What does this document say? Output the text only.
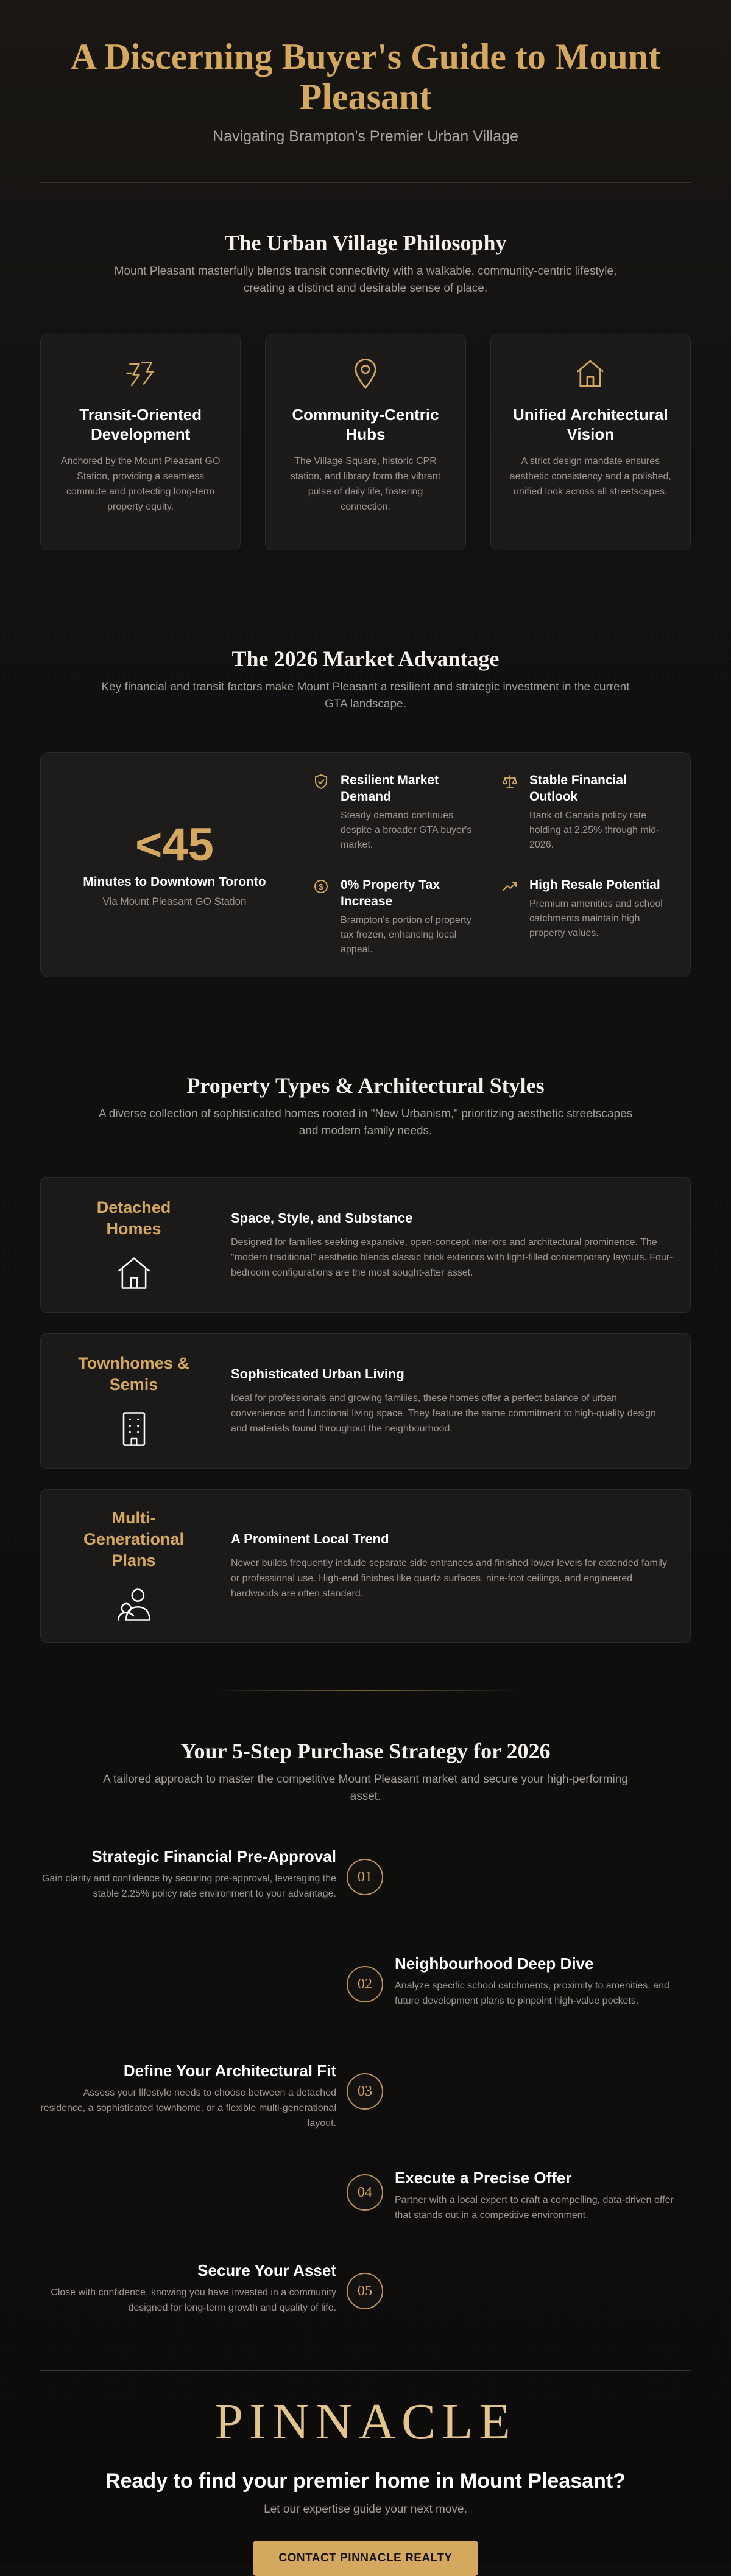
A Discerning Buyer's Guide to Mount Pleasant
Navigating Brampton's Premier Urban Village
The Urban Village Philosophy

Mount Pleasant masterfully blends transit connectivity with a walkable, community-centric lifestyle, creating a distinct and desirable sense of place.

Transit-Oriented Development

Anchored by the Mount Pleasant GO Station, providing a seamless commute and protecting long-term property equity.

Community-Centric Hubs

The Village Square, historic CPR station, and library form the vibrant pulse of daily life, fostering connection.

Unified Architectural Vision

A strict design mandate ensures aesthetic consistency and a polished, unified look across all streetscapes.

The 2026 Market Advantage

Key financial and transit factors make Mount Pleasant a resilient and strategic investment in the current GTA landscape.

<45
Minutes to Downtown Toronto
Via Mount Pleasant GO Station
Resilient Market Demand

Steady demand continues despite a broader GTA buyer's market.

Stable Financial Outlook

Bank of Canada policy rate holding at 2.25% through mid-2026.

$ 0% Property Tax Increase

Brampton's portion of property tax frozen, enhancing local appeal.

High Resale Potential

Premium amenities and school catchments maintain high property values.

Property Types & Architectural Styles

A diverse collection of sophisticated homes rooted in "New Urbanism," prioritizing aesthetic streetscapes and modern family needs.

Detached Homes
Space, Style, and Substance

Designed for families seeking expansive, open-concept interiors and architectural prominence. The "modern traditional" aesthetic blends classic brick exteriors with light-filled contemporary layouts. Four-bedroom configurations are the most sought-after asset.

Townhomes & Semis
Sophisticated Urban Living

Ideal for professionals and growing families, these homes offer a perfect balance of urban convenience and functional living space. They feature the same commitment to high-quality design and materials found throughout the neighbourhood.

Multi-Generational Plans
A Prominent Local Trend

Newer builds frequently include separate side entrances and finished lower levels for extended family or professional use. High-end finishes like quartz surfaces, nine-foot ceilings, and engineered hardwoods are often standard.

Your 5-Step Purchase Strategy for 2026

A tailored approach to master the competitive Mount Pleasant market and secure your high-performing asset.

Strategic Financial Pre-Approval

Gain clarity and confidence by securing pre-approval, leveraging the stable 2.25% policy rate environment to your advantage.

01
Neighbourhood Deep Dive

Analyze specific school catchments, proximity to amenities, and future development plans to pinpoint high-value pockets.

02
Define Your Architectural Fit

Assess your lifestyle needs to choose between a detached residence, a sophisticated townhome, or a flexible multi-generational layout.

03
Execute a Precise Offer

Partner with a local expert to craft a compelling, data-driven offer that stands out in a competitive environment.

04
Secure Your Asset

Close with confidence, knowing you have invested in a community designed for long-term growth and quality of life.

05
PINNACLE
Ready to find your premier home in Mount Pleasant?
Let our expertise guide your next move.
CONTACT PINNACLE REALTY
